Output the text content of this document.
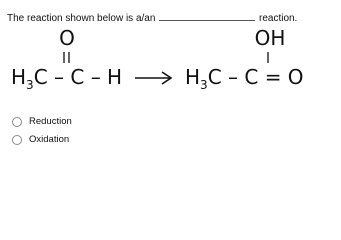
The reaction shown below is a/an	reaction.
O
$H_3C$ – C – H
OH
$H_3C - C = O$
Reduction
Oxidation
